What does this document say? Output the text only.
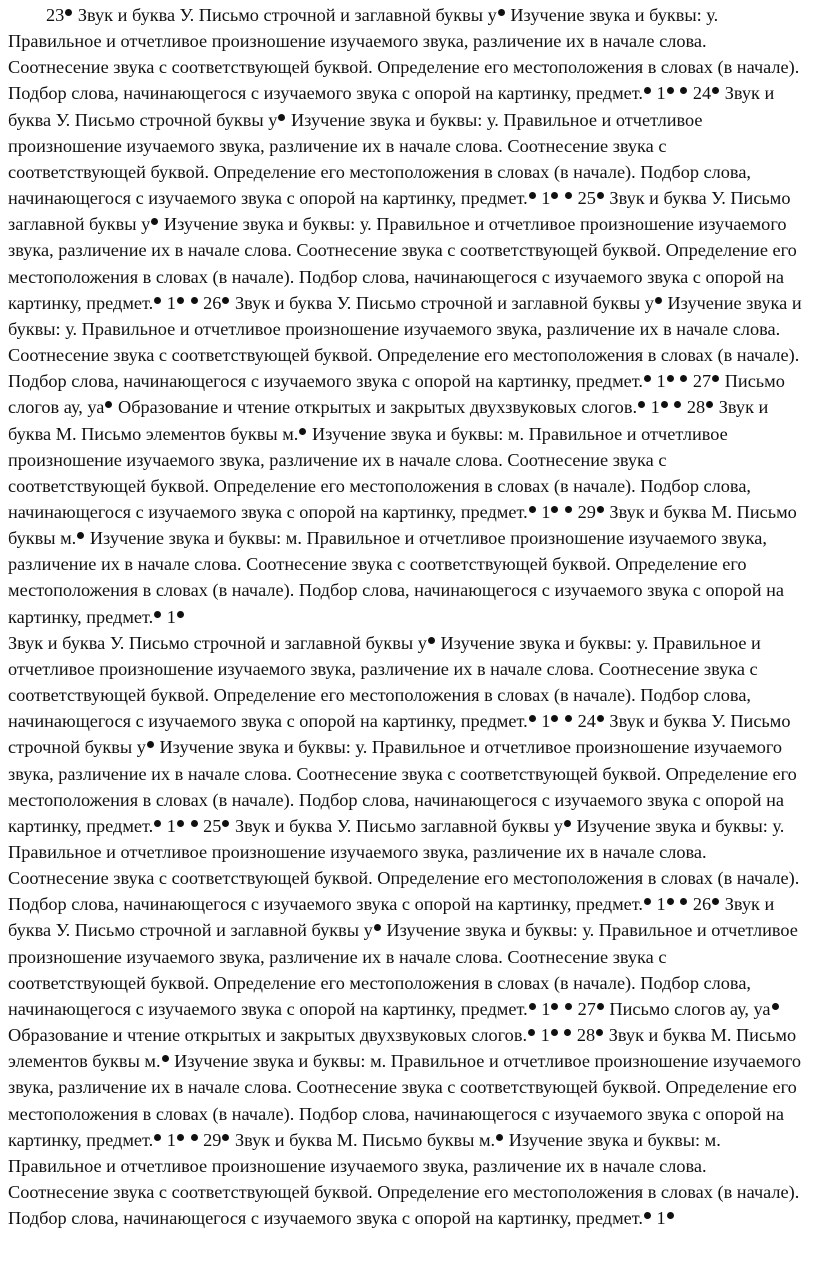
23 Звук и буква У. Письмо строчной и заглавной буквы у Изучение звука и буквы: у. Правильное и отчетливое произношение изучаемого звука, различение их в начале слова. Соотнесение звука с соответствующей буквой. Определение его местоположения в словах (в начале). Подбор слова, начинающегося с изучаемого звука с опорой на картинку, предмет. 1 24 Звук и буква У. Письмо строчной буквы у Изучение звука и буквы: у. Правильное и отчетливое произношение изучаемого звука, различение их в начале слова. Соотнесение звука с соответствующей буквой. Определение его местоположения в словах (в начале). Подбор слова, начинающегося с изучаемого звука с опорой на картинку, предмет. 1 25 Звук и буква У. Письмо заглавной буквы у Изучение звука и буквы: у. Правильное и отчетливое произношение изучаемого звука, различение их в начале слова. Соотнесение звука с соответствующей буквой. Определение его местоположения в словах (в начале). Подбор слова, начинающегося с изучаемого звука с опорой на картинку, предмет. 1 26 Звук и буква У. Письмо строчной и заглавной буквы у Изучение звука и буквы: у. Правильное и отчетливое произношение изучаемого звука, различение их в начале слова. Соотнесение звука с соответствующей буквой. Определение его местоположения в словах (в начале). Подбор слова, начинающегося с изучаемого звука с опорой на картинку, предмет. 1 27 Письмо слогов ау, уа Образование и чтение открытых и закрытых двухзвуковых слогов. 1 28 Звук и буква М. Письмо элементов буквы м. Изучение звука и буквы: м. Правильное и отчетливое произношение изучаемого звука, различение их в начале слова. Соотнесение звука с соответствующей буквой. Определение его местоположения в словах (в начале). Подбор слова, начинающегося с изучаемого звука с опорой на картинку, предмет. 1 29 Звук и буква М. Письмо буквы м. Изучение звука и буквы: м. Правильное и отчетливое произношение изучаемого звука, различение их в начале слова. Соотнесение звука с соответствующей буквой. Определение его местоположения в словах (в начале). Подбор слова, начинающегося с изучаемого звука с опорой на картинку, предмет. 1

Звук и буква У. Письмо строчной и заглавной буквы у Изучение звука и буквы: у. Правильное и отчетливое произношение изучаемого звука, различение их в начале слова. Соотнесение звука с соответствующей буквой. Определение его местоположения в словах (в начале). Подбор слова, начинающегося с изучаемого звука с опорой на картинку, предмет. 1 24 Звук и буква У. Письмо строчной буквы у Изучение звука и буквы: у. Правильное и отчетливое произношение изучаемого звука, различение их в начале слова. Соотнесение звука с соответствующей буквой. Определение его местоположения в словах (в начале). Подбор слова, начинающегося с изучаемого звука с опорой на картинку, предмет. 1 25 Звук и буква У. Письмо заглавной буквы у Изучение звука и буквы: у. Правильное и отчетливое произношение изучаемого звука, различение их в начале слова. Соотнесение звука с соответствующей буквой. Определение его местоположения в словах (в начале). Подбор слова, начинающегося с изучаемого звука с опорой на картинку, предмет. 1 26 Звук и буква У. Письмо строчной и заглавной буквы у Изучение звука и буквы: у. Правильное и отчетливое произношение изучаемого звука, различение их в начале слова. Соотнесение звука с соответствующей буквой. Определение его местоположения в словах (в начале). Подбор слова, начинающегося с изучаемого звука с опорой на картинку, предмет. 1 27 Письмо слогов ау, уа Образование и чтение открытых и закрытых двухзвуковых слогов. 1 28 Звук и буква М. Письмо элементов буквы м. Изучение звука и буквы: м. Правильное и отчетливое произношение изучаемого звука, различение их в начале слова. Соотнесение звука с соответствующей буквой. Определение его местоположения в словах (в начале). Подбор слова, начинающегося с изучаемого звука с опорой на картинку, предмет. 1 29 Звук и буква М. Письмо буквы м. Изучение звука и буквы: м. Правильное и отчетливое произношение изучаемого звука, различение их в начале слова. Соотнесение звука с соответствующей буквой. Определение его местоположения в словах (в начале). Подбор слова, начинающегося с изучаемого звука с опорой на картинку, предмет. 1
